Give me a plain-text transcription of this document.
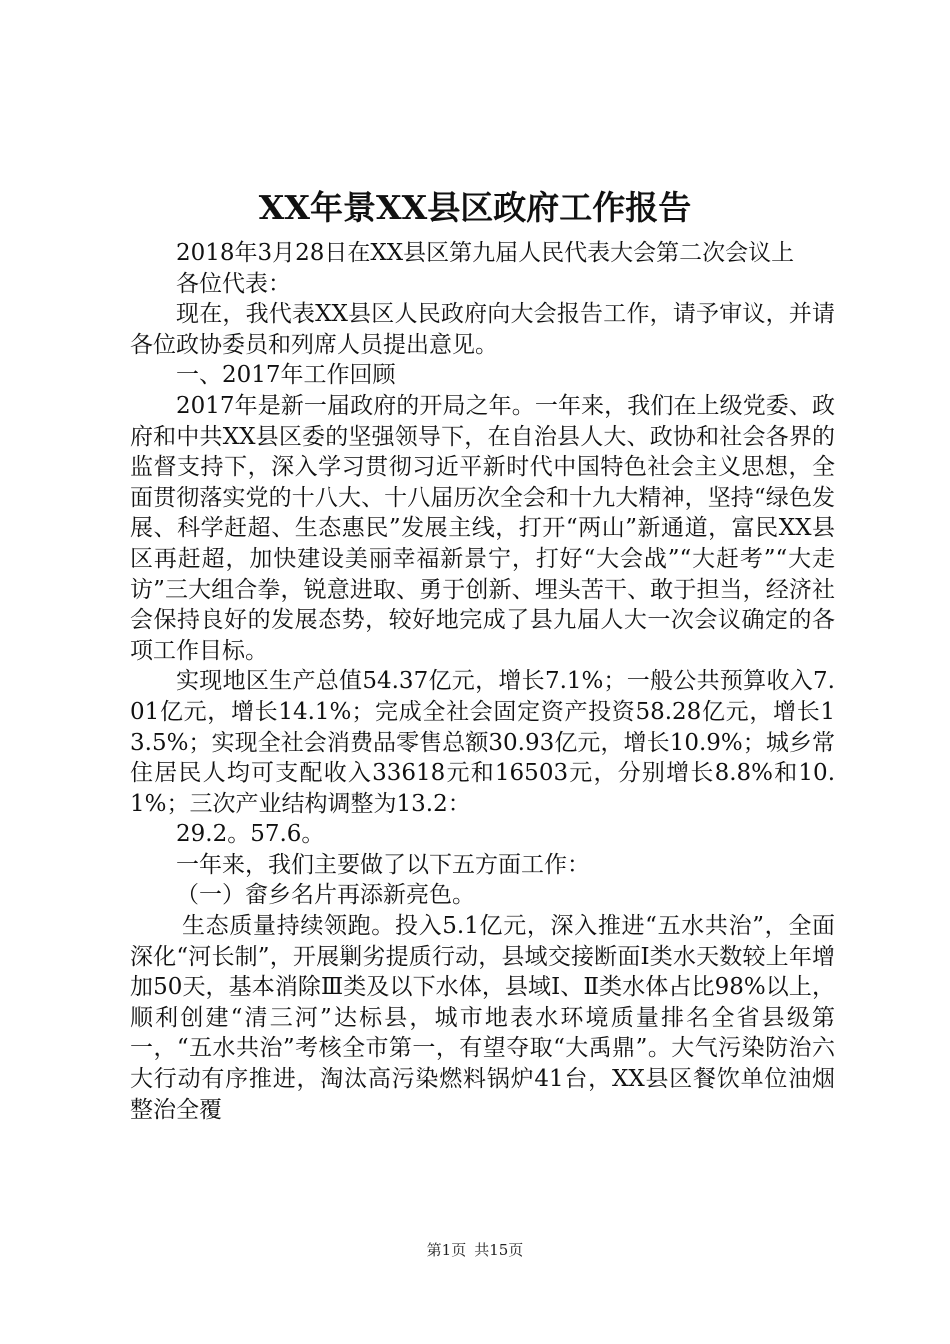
XX年景XX县区政府工作报告

2018年3月28日在XX县区第九届人民代表大会第二次会议上

各位代表：

现在，我代表XX县区人民政府向大会报告工作，请予审议，并请各位政协委员和列席人员提出意见。

一、2017年工作回顾

2017年是新一届政府的开局之年。一年来，我们在上级党委、政府和中共XX县区委的坚强领导下，在自治县人大、政协和社会各界的监督支持下，深入学习贯彻习近平新时代中国特色社会主义思想，全面贯彻落实党的十八大、十八届历次全会和十九大精神，坚持“绿色发展、科学赶超、生态惠民”发展主线，打开“两山”新通道，富民XX县区再赶超，加快建设美丽幸福新景宁，打好“大会战”“大赶考”“大走访”三大组合拳，锐意进取、勇于创新、埋头苦干、敢于担当，经济社会保持良好的发展态势，较好地完成了县九届人大一次会议确定的各项工作目标。

实现地区生产总值54.37亿元，增长7.1%；一般公共预算收入7.01亿元，增长14.1%；完成全社会固定资产投资58.28亿元，增长13.5%；实现全社会消费品零售总额30.93亿元，增长10.9%；城乡常住居民人均可支配收入33618元和16503元，分别增长8.8%和10.1%；三次产业结构调整为13.2：

29.2。57.6。

一年来，我们主要做了以下五方面工作：

（一）畲乡名片再添新亮色。

生态质量持续领跑。投入5.1亿元，深入推进“五水共治”，全面深化“河长制”，开展剿劣提质行动，县域交接断面Ⅰ类水天数较上年增加50天，基本消除Ⅲ类及以下水体，县域Ⅰ、Ⅱ类水体占比98%以上，顺利创建“清三河”达标县，城市地表水环境质量排名全省县级第一，“五水共治”考核全市第一，有望夺取“大禹鼎”。大气污染防治六大行动有序推进，淘汰高污染燃料锅炉41台，XX县区餐饮单位油烟整治全覆

第1页 共15页
